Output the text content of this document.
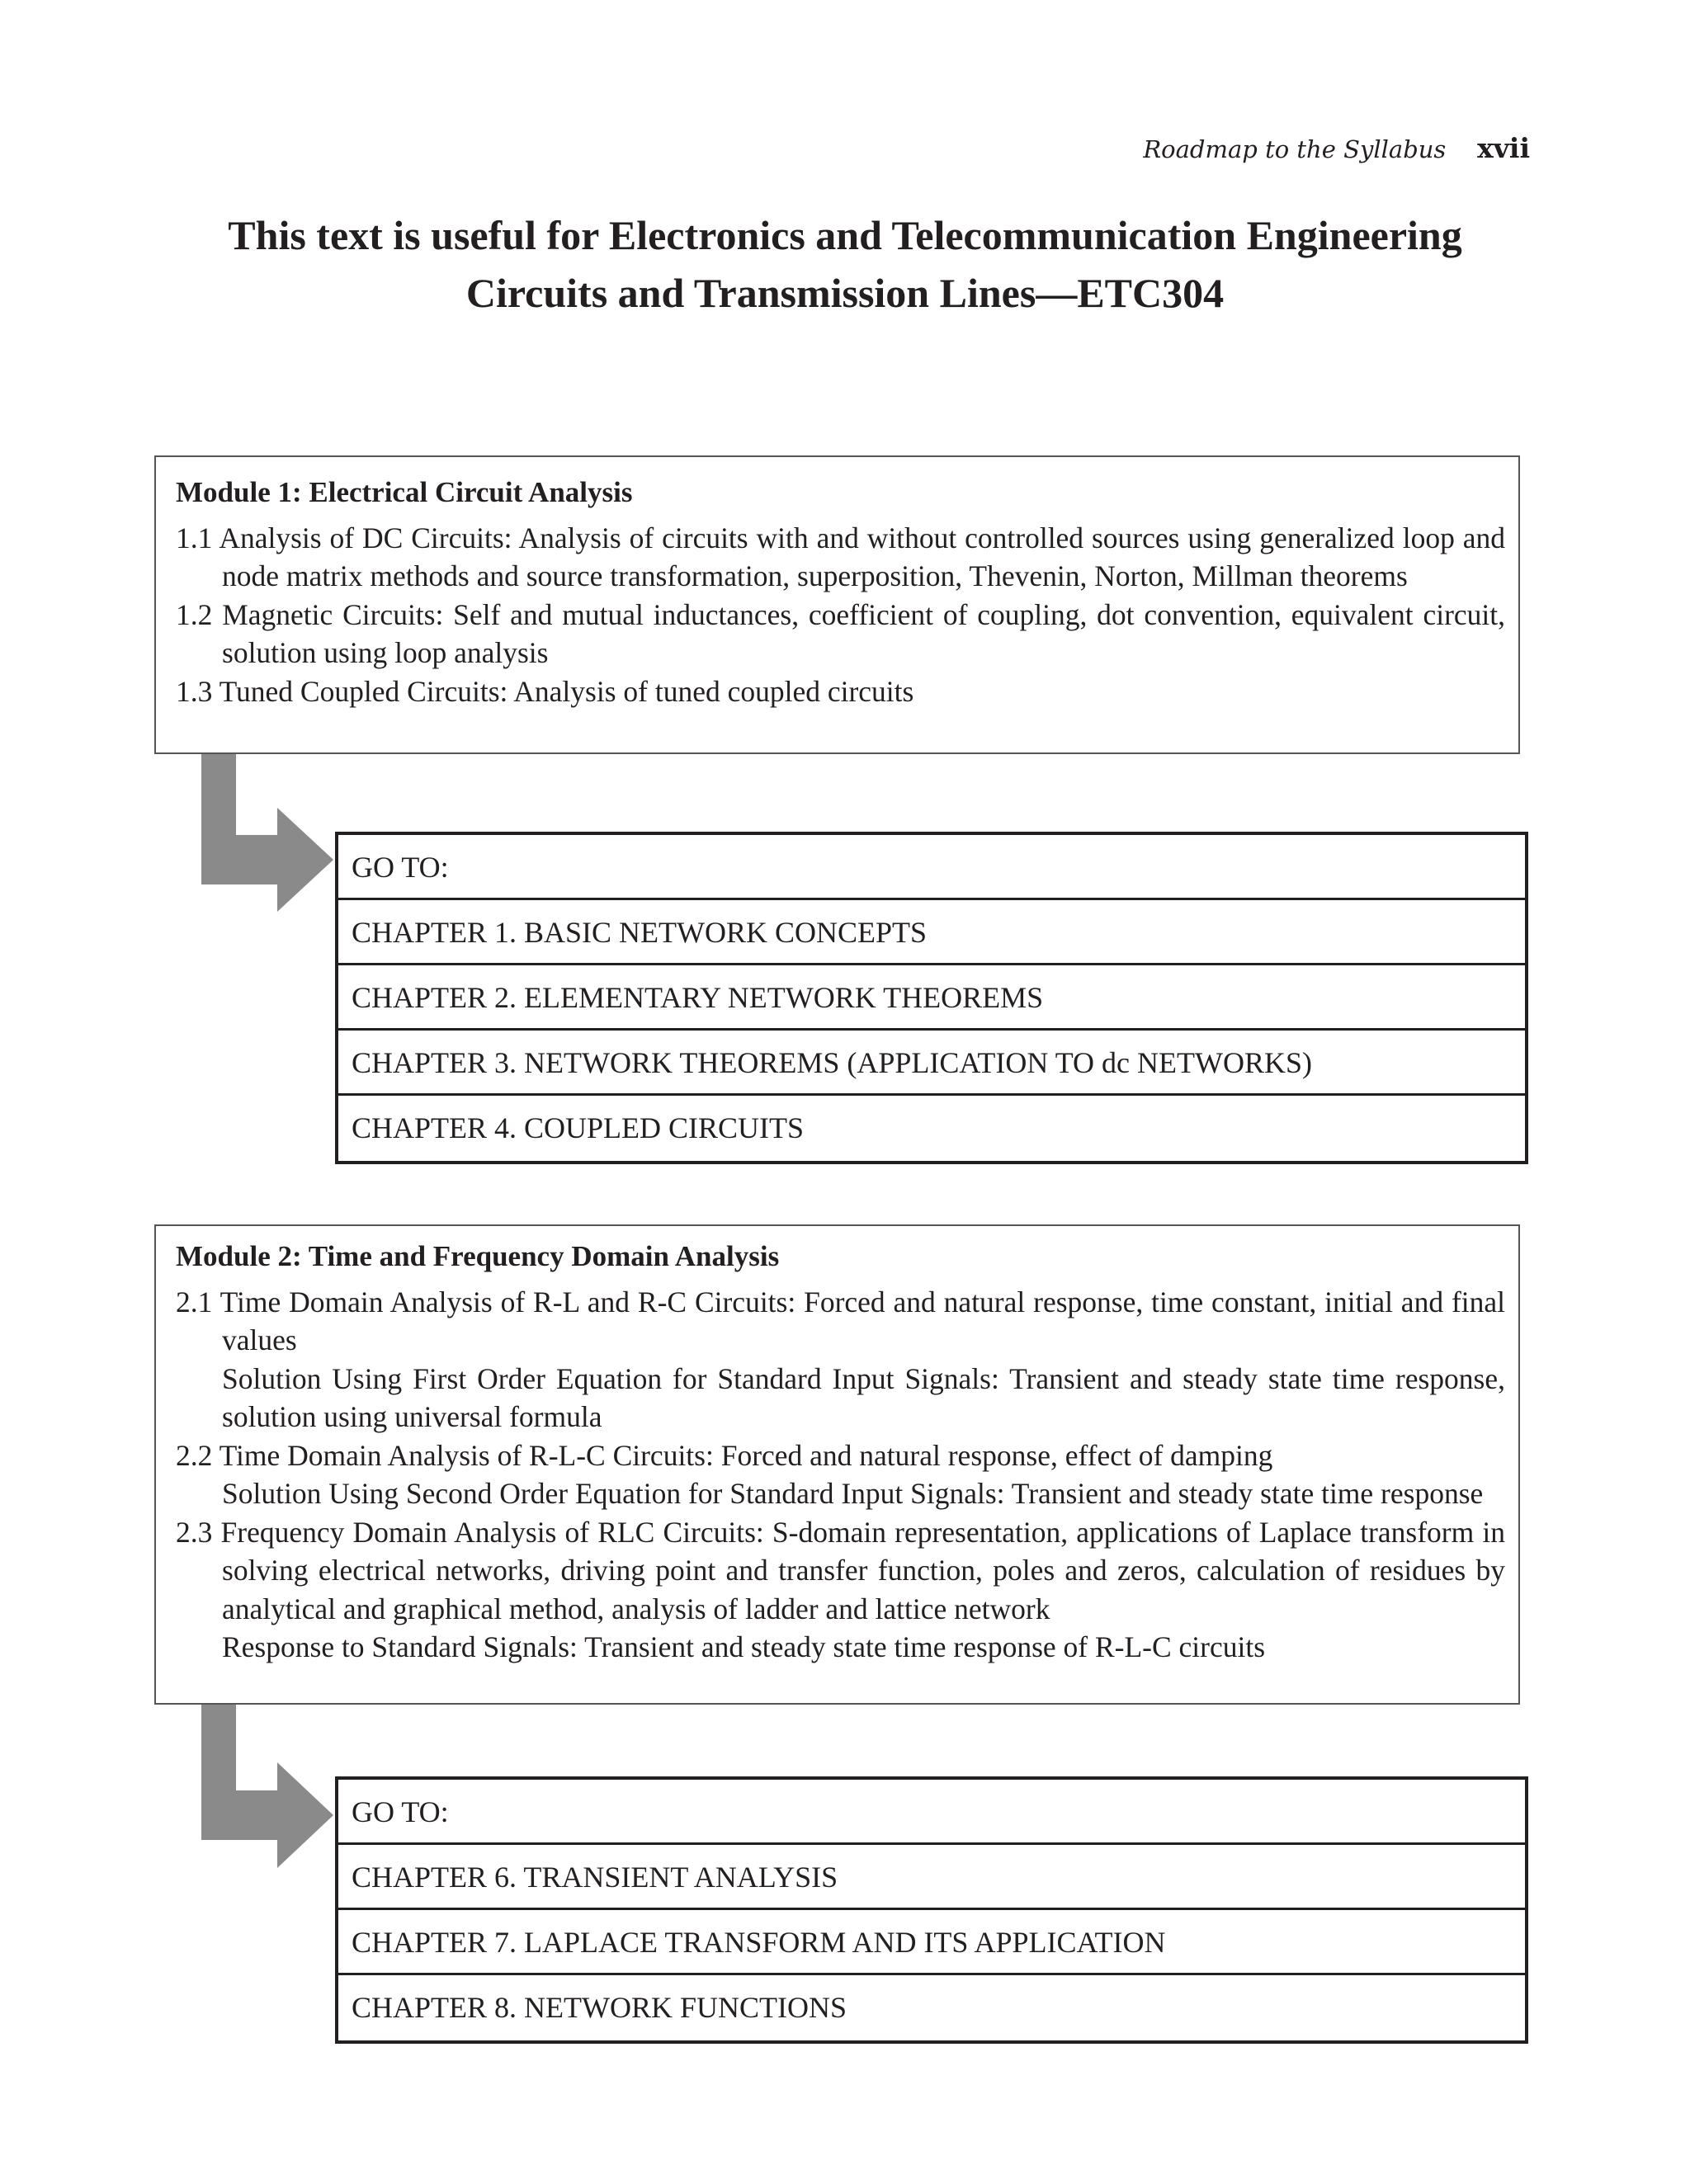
Roadmap to the Syllabus xvii
This text is useful for Electronics and Telecommunication Engineering
Circuits and Transmission Lines—ETC304
Module 1: Electrical Circuit Analysis
1.1 Analysis of DC Circuits: Analysis of circuits with and without controlled sources using generalized loop and node matrix methods and source transformation, superposition, Thevenin, Norton, Millman theorems
1.2 Magnetic Circuits: Self and mutual inductances, coefficient of coupling, dot convention, equivalent circuit, solution using loop analysis
1.3 Tuned Coupled Circuits: Analysis of tuned coupled circuits
GO TO:
CHAPTER 1. BASIC NETWORK CONCEPTS
CHAPTER 2. ELEMENTARY NETWORK THEOREMS
CHAPTER 3. NETWORK THEOREMS (APPLICATION TO dc NETWORKS)
CHAPTER 4. COUPLED CIRCUITS
Module 2: Time and Frequency Domain Analysis
2.1 Time Domain Analysis of R-L and R-C Circuits: Forced and natural response, time constant, initial and final values
Solution Using First Order Equation for Standard Input Signals: Transient and steady state time response, solution using universal formula
2.2 Time Domain Analysis of R-L-C Circuits: Forced and natural response, effect of damping
Solution Using Second Order Equation for Standard Input Signals: Transient and steady state time response
2.3 Frequency Domain Analysis of RLC Circuits: S-domain representation, applications of Laplace transform in solving electrical networks, driving point and transfer function, poles and zeros, calculation of residues by analytical and graphical method, analysis of ladder and lattice network
Response to Standard Signals: Transient and steady state time response of R-L-C circuits
GO TO:
CHAPTER 6. TRANSIENT ANALYSIS
CHAPTER 7. LAPLACE TRANSFORM AND ITS APPLICATION
CHAPTER 8. NETWORK FUNCTIONS
